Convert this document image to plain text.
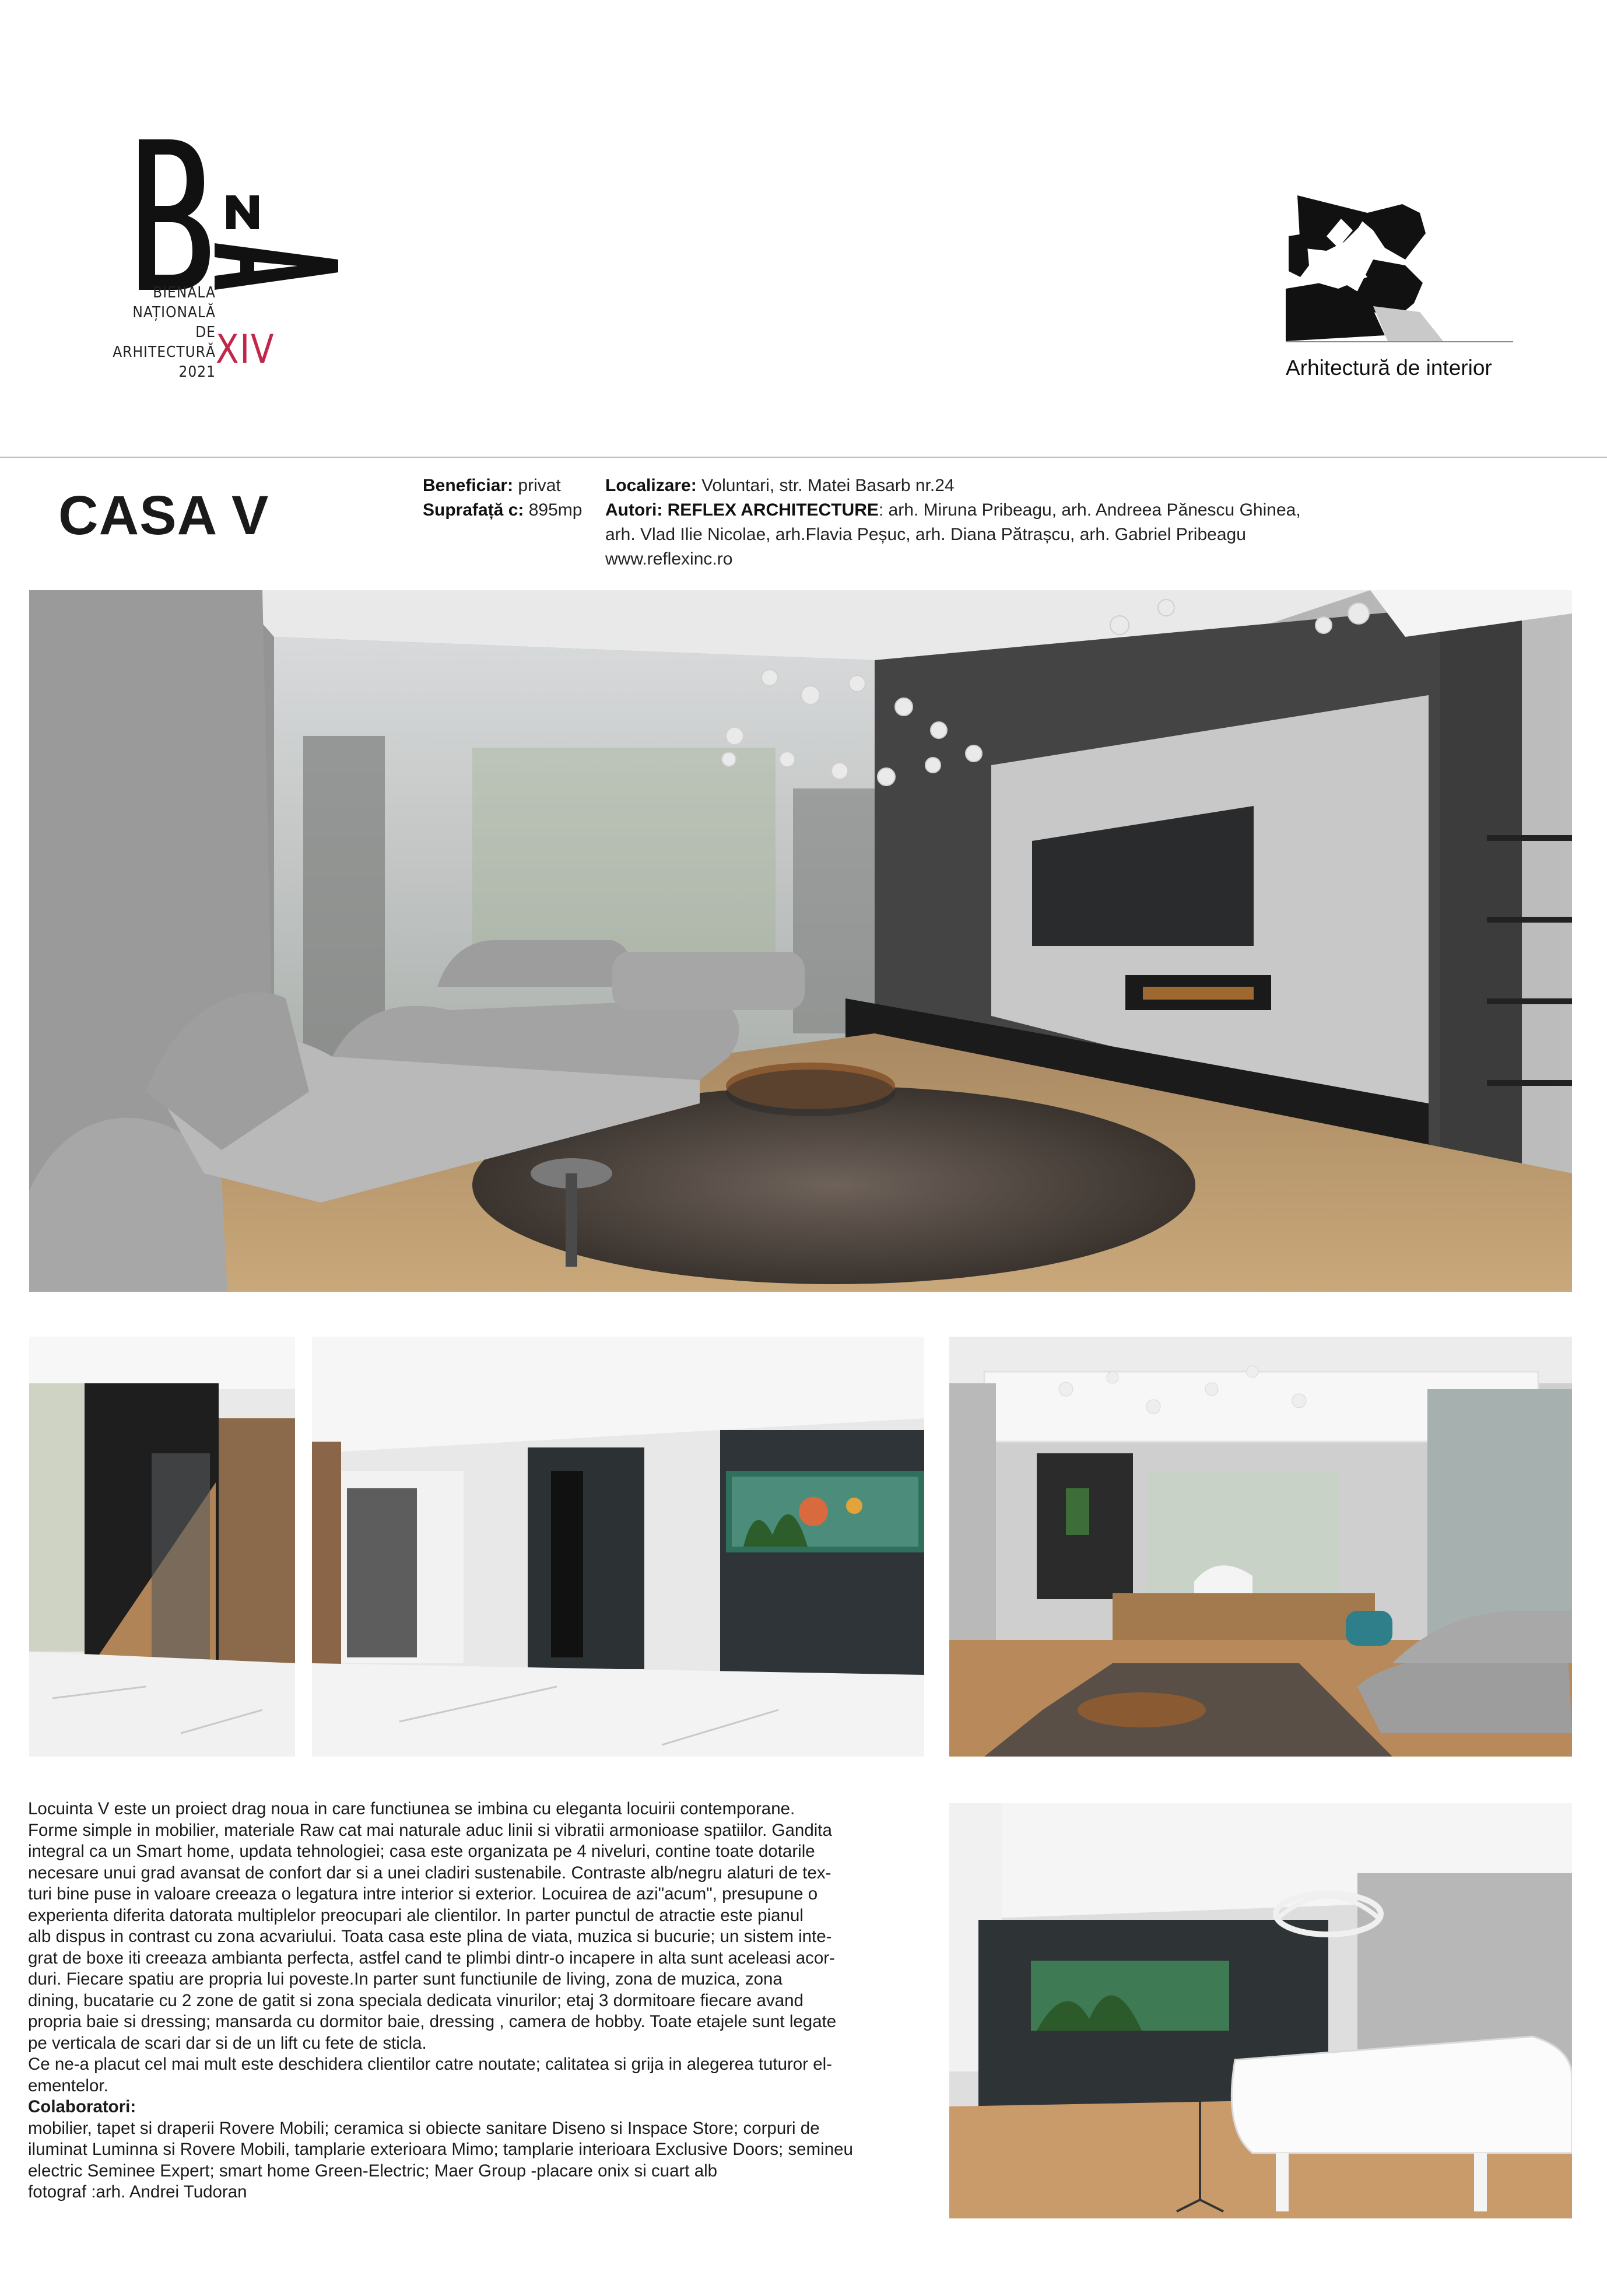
BIENALA
NAȚIONALĂ
DE
ARHITECTURĂ
2021 XIV	Arhitectură de interior
CASA V	Beneficiar: privat
Suprafață c: 895mp
Localizare: Voluntari, str. Matei Basarb nr.24
Autori: REFLEX ARCHITECTURE: arh. Miruna Pribeagu, arh. Andreea Pănescu Ghinea,
arh. Vlad Ilie Nicolae, arh.Flavia Peșuc, arh. Diana Pătrașcu, arh. Gabriel Pribeagu
www.reflexinc.ro

Locuinta V este un proiect drag noua in care functiunea se imbina cu eleganta locuirii contemporane.

Forme simple in mobilier, materiale Raw cat mai naturale aduc linii si vibratii armonioase spatiilor. Gandita

integral ca un Smart home, updata tehnologiei; casa este organizata pe 4 niveluri, contine toate dotarile

necesare unui grad avansat de confort dar si a unei cladiri sustenabile. Contraste alb/negru alaturi de tex-

turi bine puse in valoare creeaza o legatura intre interior si exterior. Locuirea de azi"acum", presupune o

experienta diferita datorata multiplelor preocupari ale clientilor. In parter punctul de atractie este pianul

alb dispus in contrast cu zona acvariului. Toata casa este plina de viata, muzica si bucurie; un sistem inte-

grat de boxe iti creeaza ambianta perfecta, astfel cand te plimbi dintr-o incapere in alta sunt aceleasi acor-

duri. Fiecare spatiu are propria lui poveste.In parter sunt functiunile de living, zona de muzica, zona

dining, bucatarie cu 2 zone de gatit si zona speciala dedicata vinurilor; etaj 3 dormitoare fiecare avand

propria baie si dressing; mansarda cu dormitor baie, dressing , camera de hobby. Toate etajele sunt legate

pe verticala de scari dar si de un lift cu fete de sticla.

Ce ne-a placut cel mai mult este deschidera clientilor catre noutate; calitatea si grija in alegerea tuturor el-

ementelor.

Colaboratori:

mobilier, tapet si draperii Rovere Mobili; ceramica si obiecte sanitare Diseno si Inspace Store; corpuri de

iluminat Luminna si Rovere Mobili, tamplarie exterioara Mimo; tamplarie interioara Exclusive Doors; semineu

electric Seminee Expert; smart home Green-Electric; Maer Group -placare onix si cuart alb

fotograf :arh. Andrei Tudoran
